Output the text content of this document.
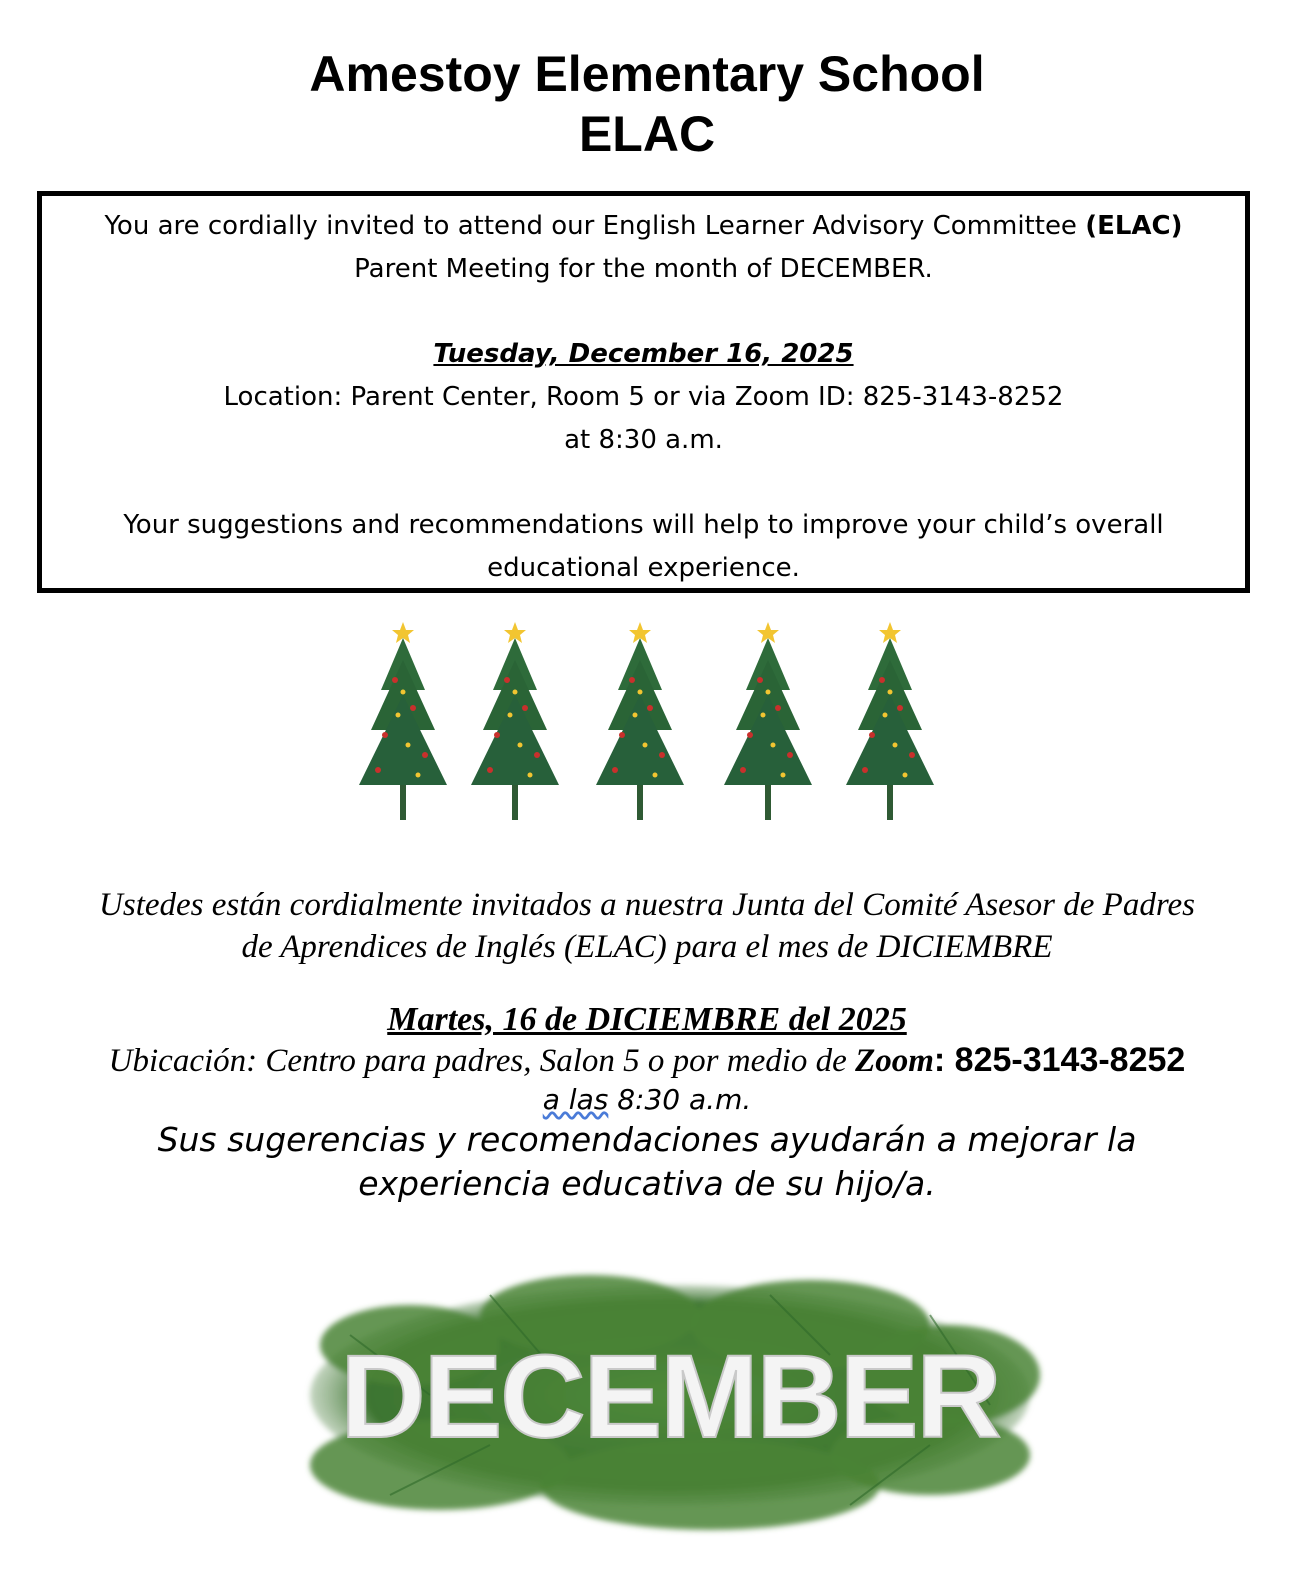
Amestoy Elementary School
ELAC
You are cordially invited to attend our English Learner Advisory Committee (ELAC)
Parent Meeting for the month of DECEMBER.
Tuesday, December 16, 2025
Location: Parent Center, Room 5 or via Zoom ID: 825-3143-8252
at 8:30 a.m.
Your suggestions and recommendations will help to improve your child’s overall
educational experience.
Ustedes están cordialmente invitados a nuestra Junta del Comité Asesor de Padres
de Aprendices de Inglés (ELAC) para el mes de DICIEMBRE
Martes, 16 de DICIEMBRE del 2025
Ubicación: Centro para padres, Salon 5 o por medio de Zoom: 825-3143-8252
a las 8:30 a.m.
Sus sugerencias y recomendaciones ayudarán a mejorar la
experiencia educativa de su hijo/a.
DECEMBER
